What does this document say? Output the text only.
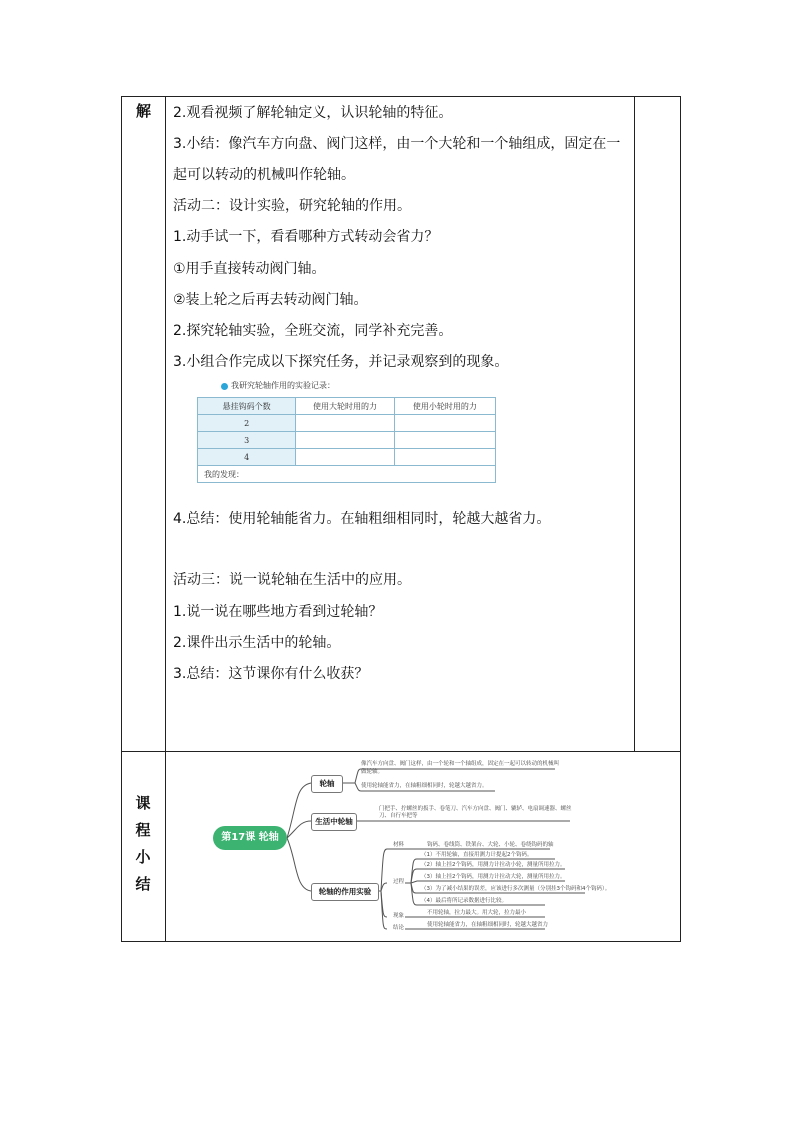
解
课
程
小
结
2.观看视频了解轮轴定义，认识轮轴的特征。
3.小结：像汽车方向盘、阀门这样，由一个大轮和一个轴组成，固定在一
起可以转动的机械叫作轮轴。
活动二：设计实验，研究轮轴的作用。
1.动手试一下，看看哪种方式转动会省力？
①用手直接转动阀门轴。
②装上轮之后再去转动阀门轴。
2.探究轮轴实验，全班交流，同学补充完善。
3.小组合作完成以下探究任务，并记录观察到的现象。
我研究轮轴作用的实验记录：
悬挂钩码个数	使用大轮时用的力	使用小轮时用的力
2		
3		
4		
我的发现：		
4.总结：使用轮轴能省力。在轴粗细相同时，轮越大越省力。
活动三：说一说轮轴在生活中的应用。
1.说一说在哪些地方看到过轮轴？
2.课件出示生活中的轮轴。
3.总结：这节课你有什么收获？
第17课 轮轴
轮轴
生活中轮轴
轮轴的作用实验
像汽车方向盘、阀门这样，由一个轮和一个轴组成，固定在一起可以转动的机械叫
做轮轴。
使用轮轴能省力，在轴粗细相同时，轮越大越省力。
门把手、拧螺丝的扳手、卷笔刀、汽车方向盘、阀门、辘轳、电扇调速器、螺丝
刀、自行车把等
材料
过程
现象
结论
钩码、卷线筒、铁架台、大轮、小轮、卷绕钩码的轴
（1）不用轮轴，直接用测力计提起2个钩码。
（2）轴上挂2个钩码，用测力计拉动小轮，测量所用拉力。
（3）轴上挂2个钩码，用测力计拉动大轮，测量所用拉力。
（3）为了减小结果的误差，应该进行多次测量（分别挂3个钩码和4个钩码）。
（4）最后将所记录数据进行比较。
不用轮轴，拉力最大。用大轮，拉力最小
使用轮轴能省力，在轴粗细相同时，轮越大越省力
